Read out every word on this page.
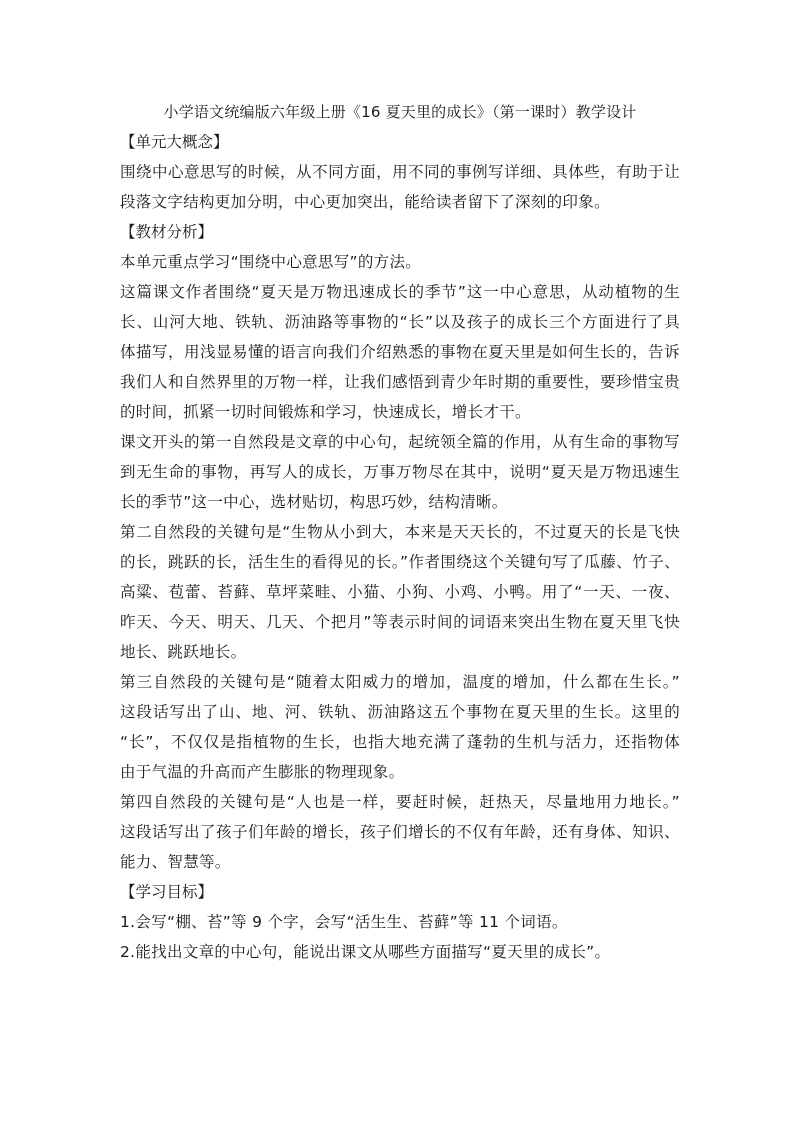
小学语文统编版六年级上册《16 夏天里的成长》（第一课时）教学设计

【单元大概念】

围绕中心意思写的时候，从不同方面，用不同的事例写详细、具体些，有助于让
段落文字结构更加分明，中心更加突出，能给读者留下了深刻的印象。

【教材分析】

本单元重点学习“围绕中心意思写”的方法。

这篇课文作者围绕“夏天是万物迅速成长的季节”这一中心意思，从动植物的生
长、山河大地、铁轨、沥油路等事物的“长”以及孩子的成长三个方面进行了具
体描写，用浅显易懂的语言向我们介绍熟悉的事物在夏天里是如何生长的，告诉
我们人和自然界里的万物一样，让我们感悟到青少年时期的重要性，要珍惜宝贵
的时间，抓紧一切时间锻炼和学习，快速成长，增长才干。

课文开头的第一自然段是文章的中心句，起统领全篇的作用，从有生命的事物写
到无生命的事物，再写人的成长，万事万物尽在其中，说明“夏天是万物迅速生
长的季节”这一中心，选材贴切，构思巧妙，结构清晰。

第二自然段的关键句是“生物从小到大，本来是天天长的，不过夏天的长是飞快
的长，跳跃的长，活生生的看得见的长。”作者围绕这个关键句写了瓜藤、竹子、
高粱、苞蕾、苔藓、草坪菜畦、小猫、小狗、小鸡、小鸭。用了“一天、一夜、
昨天、今天、明天、几天、个把月”等表示时间的词语来突出生物在夏天里飞快
地长、跳跃地长。

第三自然段的关键句是“随着太阳威力的增加，温度的增加，什么都在生长。”
这段话写出了山、地、河、铁轨、沥油路这五个事物在夏天里的生长。这里的
“长”，不仅仅是指植物的生长，也指大地充满了蓬勃的生机与活力，还指物体
由于气温的升高而产生膨胀的物理现象。

第四自然段的关键句是“人也是一样，要赶时候，赶热天，尽量地用力地长。”
这段话写出了孩子们年龄的增长，孩子们增长的不仅有年龄，还有身体、知识、
能力、智慧等。

【学习目标】

1.会写“棚、苔”等 9 个字，会写“活生生、苔藓”等 11 个词语。

2.能找出文章的中心句，能说出课文从哪些方面描写“夏天里的成长”。
